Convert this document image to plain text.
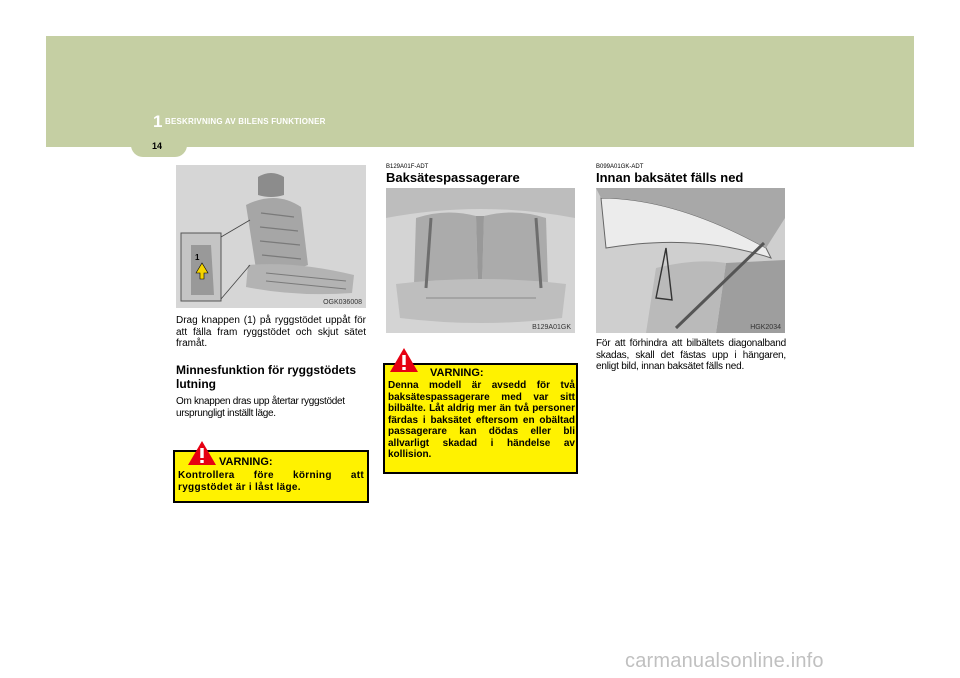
1 BESKRIVNING AV BILENS FUNKTIONER
14
1
OGK036008
Drag knappen (1) på ryggstödet uppåt för att fälla fram ryggstödet och skjut sätet framåt.
Minnesfunktion för ryggstödets lutning
Om knappen dras upp återtar ryggstödet ursprungligt inställt läge.
VARNING:
Kontrollera före körning att ryggstödet är i låst läge.
B129A01F-ADT
Baksätespassagerare
B129A01GK
VARNING:
Denna modell är avsedd för två baksätespassagerare med var sitt bilbälte. Låt aldrig mer än två personer färdas i baksätet eftersom en obältad passagerare kan dödas eller bli allvarligt skadad i händelse av kollision.
B099A01GK-ADT
Innan baksätet fälls ned
HGK2034
För att förhindra att bilbältets diagonalband skadas, skall det fästas upp i hängaren, enligt bild, innan baksätet fälls ned.
carmanualsonline.info
